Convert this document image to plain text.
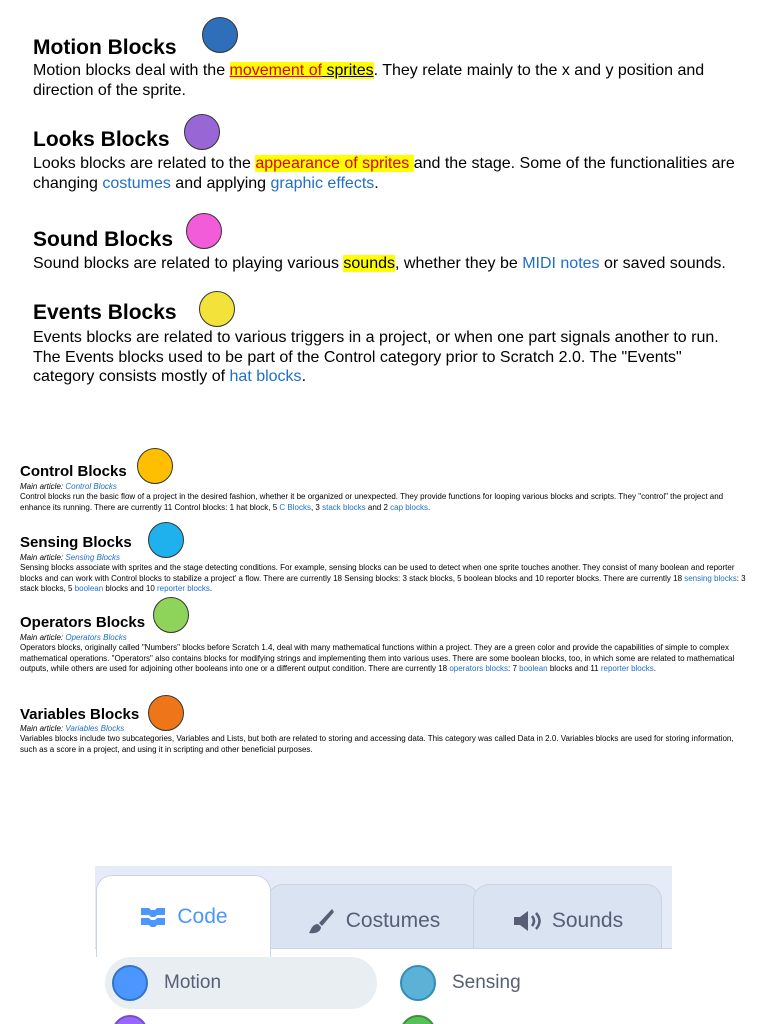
Motion Blocks
Motion blocks deal with the movement of sprites. They relate mainly to the x and y position and
direction of the sprite.
Looks Blocks
Looks blocks are related to the appearance of sprites and the stage. Some of the functionalities are
changing costumes and applying graphic effects.
Sound Blocks
Sound blocks are related to playing various sounds, whether they be MIDI notes or saved sounds.
Events Blocks
Events blocks are related to various triggers in a project, or when one part signals another to run.
The Events blocks used to be part of the Control category prior to Scratch 2.0. The "Events"
category consists mostly of hat blocks.
Control Blocks
Main article: Control Blocks
Control blocks run the basic flow of a project in the desired fashion, whether it be organized or unexpected. They provide functions for looping various blocks and scripts. They "control" the project and enhance its running. There are currently 11 Control blocks: 1 hat block, 5 C Blocks, 3 stack blocks and 2 cap blocks.
Sensing Blocks
Main article: Sensing Blocks
Sensing blocks associate with sprites and the stage detecting conditions. For example, sensing blocks can be used to detect when one sprite touches another. They consist of many boolean and reporter blocks and can work with Control blocks to stabilize a project' a flow. There are currently 18 Sensing blocks: 3 stack blocks, 5 boolean blocks and 10 reporter blocks. There are currently 18 sensing blocks: 3 stack blocks, 5 boolean blocks and 10 reporter blocks.
Operators Blocks
Main article: Operators Blocks
Operators blocks, originally called "Numbers" blocks before Scratch 1.4, deal with many mathematical functions within a project. They are a green color and provide the capabilities of simple to complex mathematical operations. "Operators" also contains blocks for modifying strings and implementing them into various uses. There are some boolean blocks, too, in which some are related to mathematical outputs, while others are used for adjoining other booleans into one or a different output condition. There are currently 18 operators blocks: 7 boolean blocks and 11 reporter blocks.
Variables Blocks
Main article: Variables Blocks
Variables blocks include two subcategories, Variables and Lists, but both are related to storing and accessing data. This category was called Data in 2.0. Variables blocks are used for storing information, such as a score in a project, and using it in scripting and other beneficial purposes.
Code	Costumes	Sounds
Motion	Sensing
